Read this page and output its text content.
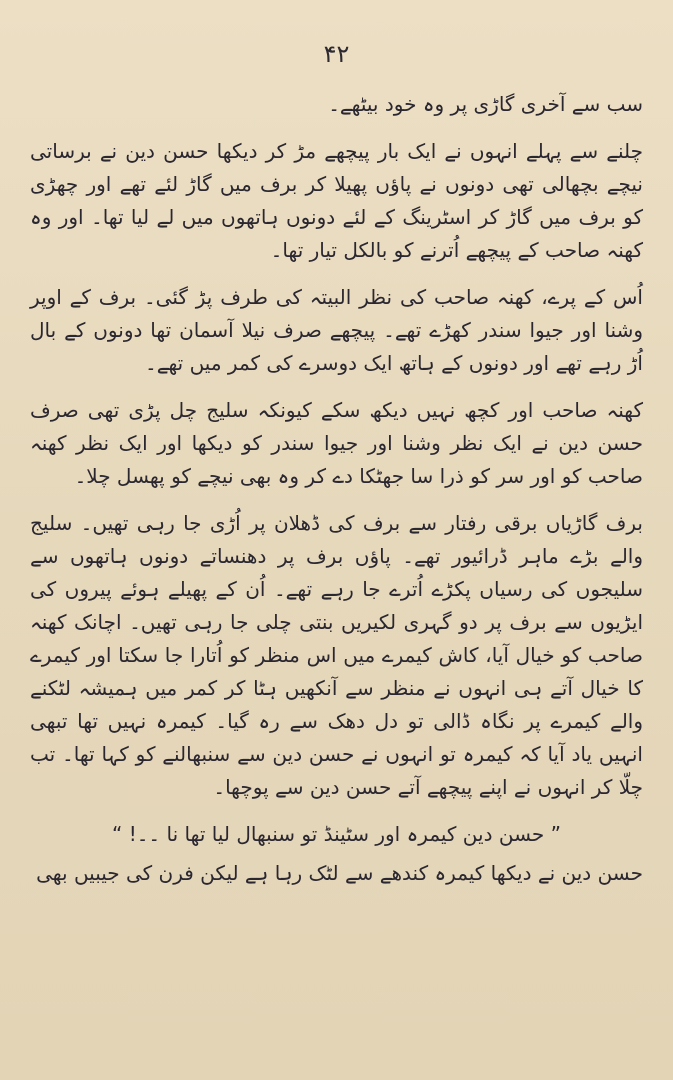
۴۲

سب سے آخری گاڑی پر وہ خود بیٹھے۔

چلنے سے پہلے انہوں نے ایک بار پیچھے مڑ کر دیکھا حسن دین نے برساتی نیچے بچھالی تھی دونوں نے پاؤں پھیلا کر برف میں گاڑ لئے تھے اور چھڑی کو برف میں گاڑ کر اسٹرینگ کے لئے دونوں ہاتھوں میں لے لیا تھا۔ اور وہ کھنہ صاحب کے پیچھے اُترنے کو بالکل تیار تھا۔

اُس کے پرے، کھنہ صاحب کی نظر البیتہ کی طرف پڑ گئی۔ برف کے اوپر وشنا اور جیوا سندر کھڑے تھے۔ پیچھے صرف نیلا آسمان تھا دونوں کے بال اُڑ رہے تھے اور دونوں کے ہاتھ ایک دوسرے کی کمر میں تھے۔

کھنہ صاحب اور کچھ نہیں دیکھ سکے کیونکہ سلیج چل پڑی تھی صرف حسن دین نے ایک نظر وشنا اور جیوا سندر کو دیکھا اور ایک نظر کھنہ صاحب کو اور سر کو ذرا سا جھٹکا دے کر وہ بھی نیچے کو پھسل چلا۔

برف گاڑیاں برقی رفتار سے برف کی ڈھلان پر اُڑی جا رہی تھیں۔ سلیج والے بڑے ماہر ڈرائیور تھے۔ پاؤں برف پر دھنساتے دونوں ہاتھوں سے سلیجوں کی رسیاں پکڑے اُترے جا رہے تھے۔ اُن کے پھیلے ہوئے پیروں کی ایڑیوں سے برف پر دو گہری لکیریں بنتی چلی جا رہی تھیں۔ اچانک کھنہ صاحب کو خیال آیا، کاش کیمرے میں اس منظر کو اُتارا جا سکتا اور کیمرے کا خیال آتے ہی انہوں نے منظر سے آنکھیں ہٹا کر کمر میں ہمیشہ لٹکنے والے کیمرے پر نگاہ ڈالی تو دل دھک سے رہ گیا۔ کیمرہ نہیں تھا تبھی انہیں یاد آیا کہ کیمرہ تو انہوں نے حسن دین سے سنبھالنے کو کہا تھا۔ تب چلّا کر انہوں نے اپنے پیچھے آتے حسن دین سے پوچھا۔

” حسن دین کیمرہ اور سٹینڈ تو سنبھال لیا تھا نا ۔۔! “

حسن دین نے دیکھا کیمرہ کندھے سے لٹک رہا ہے لیکن فرن کی جیبیں بھی
